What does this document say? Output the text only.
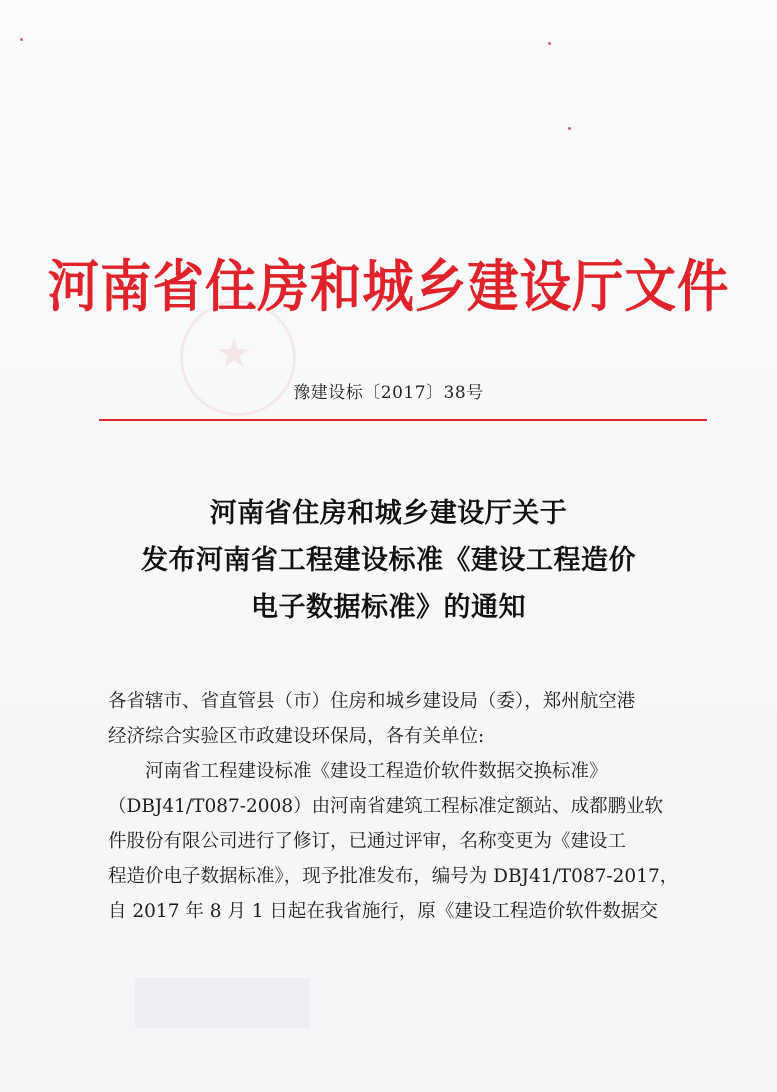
★
河南省住房和城乡建设厅文件
豫建设标〔2017〕38号
河南省住房和城乡建设厅关于
发布河南省工程建设标准《建设工程造价
电子数据标准》的通知

各省辖市、省直管县（市）住房和城乡建设局（委），郑州航空港
经济综合实验区市政建设环保局，各有关单位:

河南省工程建设标准《建设工程造价软件数据交换标准》
（DBJ41/T087-2008）由河南省建筑工程标准定额站、成都鹏业软
件股份有限公司进行了修订，已通过评审，名称变更为《建设工
程造价电子数据标准》，现予批准发布，编号为 DBJ41/T087-2017，
自 2017 年 8 月 1 日起在我省施行，原《建设工程造价软件数据交
